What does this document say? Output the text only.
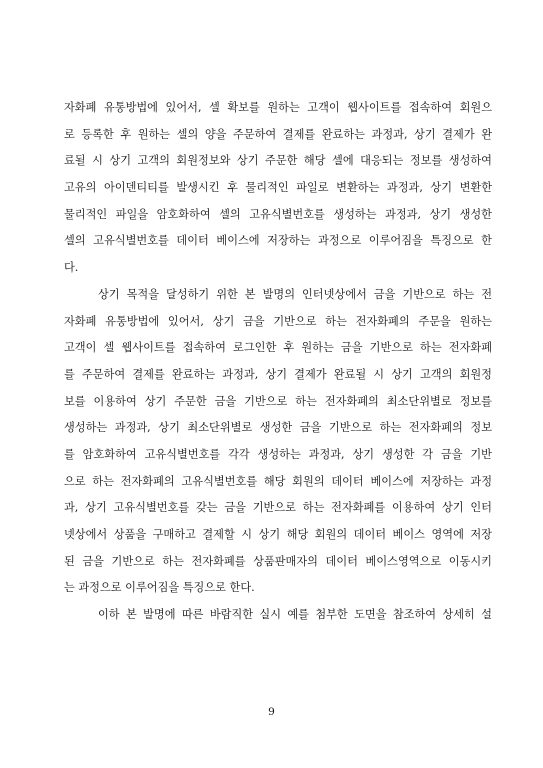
자화폐 유통방법에 있어서, 셀 확보를 원하는 고객이 웹사이트를 접속하여 회원으
로 등록한 후 원하는 셀의 양을 주문하여 결제를 완료하는 과정과, 상기 결제가 완
료될 시 상기 고객의 회원정보와 상기 주문한 해당 셀에 대응되는 정보를 생성하여
고유의 아이덴티티를 발생시킨 후 물리적인 파일로 변환하는 과정과, 상기 변환한
물리적인 파일을 암호화하여 셀의 고유식별번호를 생성하는 과정과, 상기 생성한
셀의 고유식별번호를 데이터 베이스에 저장하는 과정으로 이루어짐을 특징으로 한
다.
상기 목적을 달성하기 위한 본 발명의 인터넷상에서 금을 기반으로 하는 전
자화폐 유통방법에 있어서, 상기 금을 기반으로 하는 전자화폐의 주문을 원하는
고객이 셀 웹사이트를 접속하여 로그인한 후 원하는 금을 기반으로 하는 전자화폐
를 주문하여 결제를 완료하는 과정과, 상기 결제가 완료될 시 상기 고객의 회원정
보를 이용하여 상기 주문한 금을 기반으로 하는 전자화폐의 최소단위별로 정보를
생성하는 과정과, 상기 최소단위별로 생성한 금을 기반으로 하는 전자화폐의 정보
를 암호화하여 고유식별번호를 각각 생성하는 과정과, 상기 생성한 각 금을 기반
으로 하는 전자화폐의 고유식별번호를 해당 회원의 데이터 베이스에 저장하는 과정
과, 상기 고유식별번호를 갖는 금을 기반으로 하는 전자화폐를 이용하여 상기 인터
넷상에서 상품을 구매하고 결제할 시 상기 해당 회원의 데이터 베이스 영역에 저장
된 금을 기반으로 하는 전자화폐를 상품판매자의 데이터 베이스영역으로 이동시키
는 과정으로 이루어짐을 특징으로 한다.
이하 본 발명에 따른 바람직한 실시 예를 첨부한 도면을 참조하여 상세히 설
9
